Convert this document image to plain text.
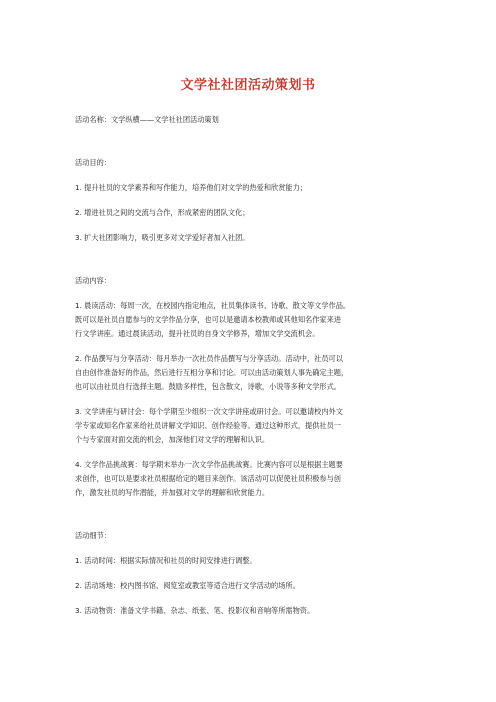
文学社社团活动策划书
活动名称：文学纵横——文学社社团活动策划
活动目的：
1. 提升社员的文学素养和写作能力，培养他们对文学的热爱和欣赏能力；
2. 增进社员之间的交流与合作，形成紧密的团队文化；
3. 扩大社团影响力，吸引更多对文学爱好者加入社团。
活动内容：
1. 晨读活动：每周一次，在校园内指定地点，社员集体读书、诗歌、散文等文学作品。
既可以是社员自愿参与的文学作品分享，也可以是邀请本校教师或其他知名作家来进
行文学讲座。通过晨读活动，提升社员的自身文学修养，增加文学交流机会。
2. 作品撰写与分享活动：每月举办一次社员作品撰写与分享活动。活动中，社员可以
自由创作准备好的作品，然后进行互相分享和讨论。可以由活动策划人事先确定主题，
也可以由社员自行选择主题。鼓励多样性，包含散文，诗歌，小说等多种文学形式。
3. 文学讲座与研讨会：每个学期至少组织一次文学讲座或研讨会。可以邀请校内外文
学专家或知名作家来给社员讲解文学知识、创作经验等。通过这种形式，提供社员一
个与专家面对面交流的机会，加深他们对文学的理解和认识。
4. 文学作品挑战赛：每学期末举办一次文学作品挑战赛。比赛内容可以是根据主题要
求创作，也可以是要求社员根据给定的题目来创作。该活动可以促使社员积极参与创
作，激发社员的写作潜能，并加强对文学的理解和欣赏能力。
活动细节：
1. 活动时间：根据实际情况和社员的时间安排进行调整。
2. 活动场地：校内图书馆、阅览室或教室等适合进行文学活动的场所。
3. 活动物资：准备文学书籍、杂志、纸张、笔、投影仪和音响等所需物资。
